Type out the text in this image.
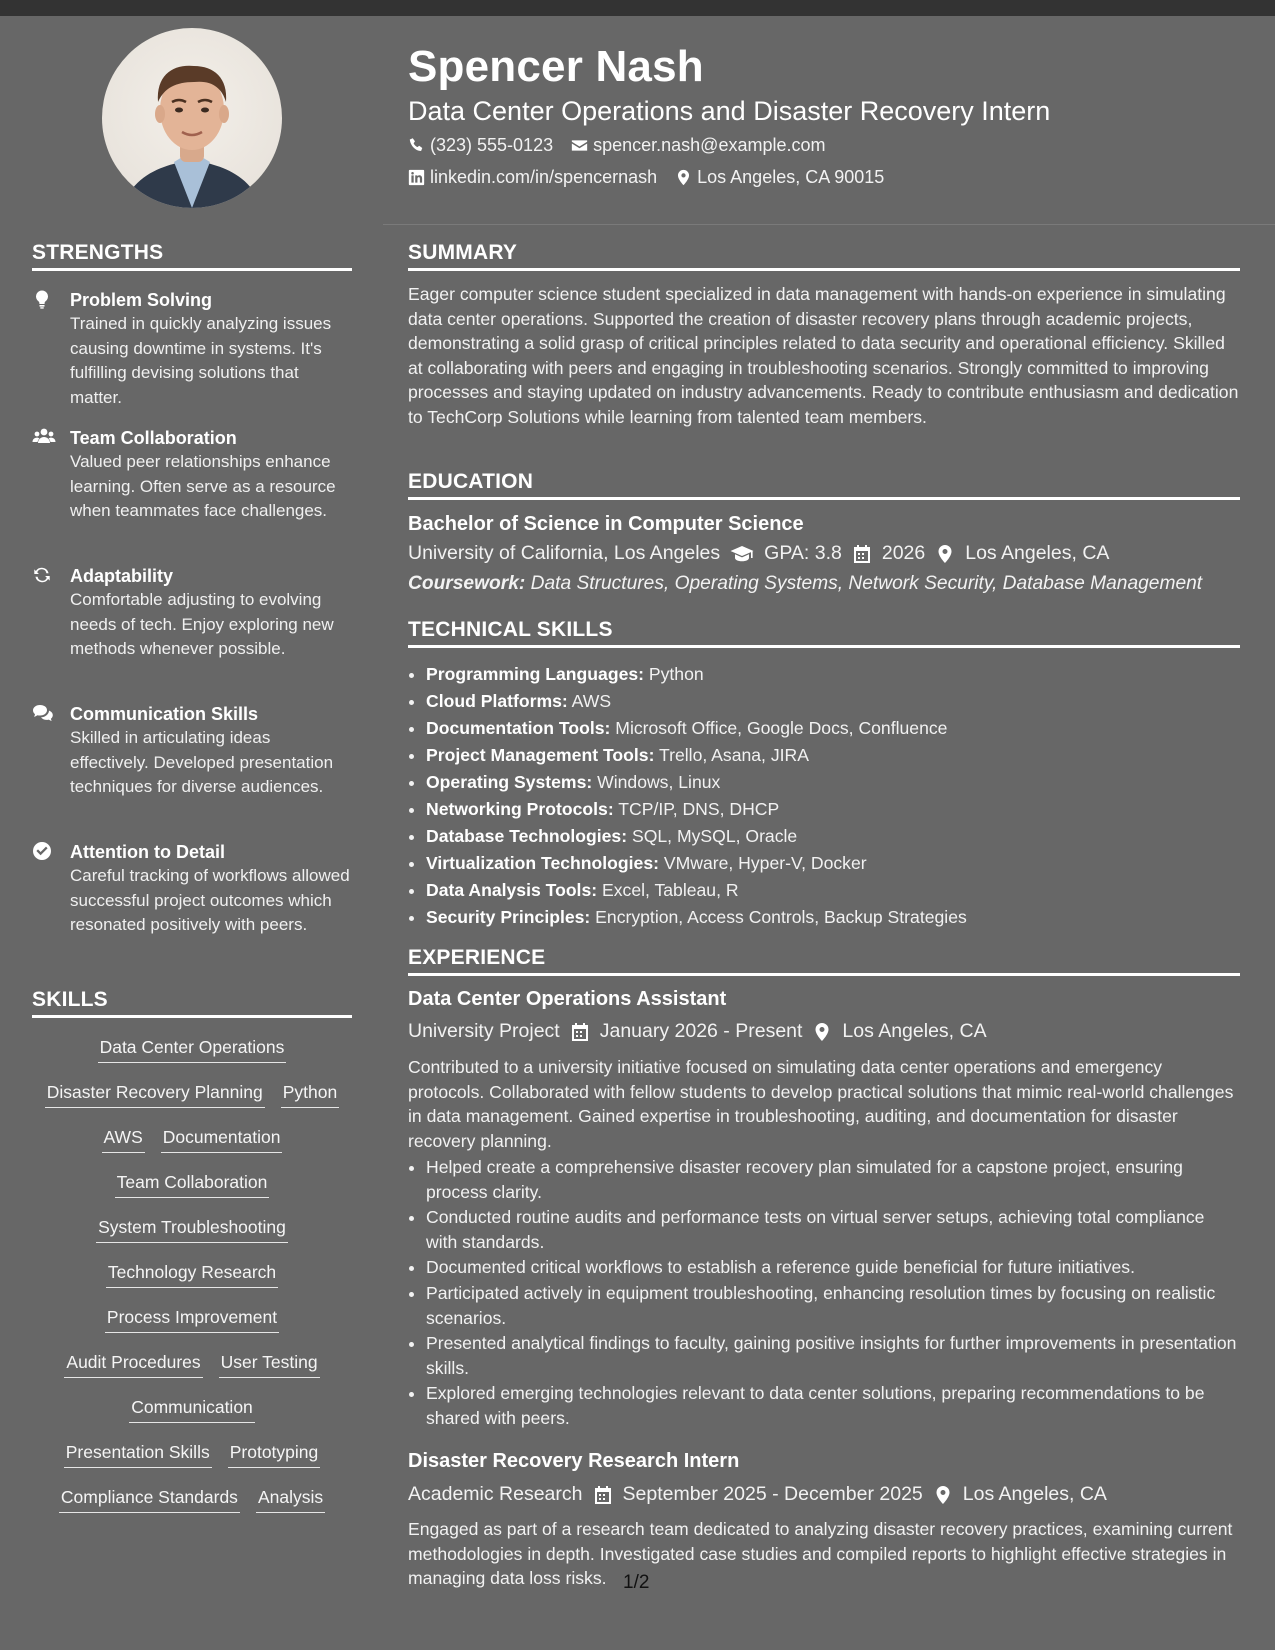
STRENGTHS
Problem Solving
Trained in quickly analyzing issues causing downtime in systems. It's fulfilling devising solutions that matter.
Team Collaboration
Valued peer relationships enhance learning. Often serve as a resource when teammates face challenges.
Adaptability
Comfortable adjusting to evolving needs of tech. Enjoy exploring new methods whenever possible.
Communication Skills
Skilled in articulating ideas effectively. Developed presentation techniques for diverse audiences.
Attention to Detail
Careful tracking of workflows allowed successful project outcomes which resonated positively with peers.
SKILLS
Data Center Operations
Disaster Recovery Planning Python
AWS Documentation
Team Collaboration
System Troubleshooting
Technology Research
Process Improvement
Audit Procedures User Testing
Communication
Presentation Skills Prototyping
Compliance Standards Analysis
Spencer Nash
Data Center Operations and Disaster Recovery Intern
(323) 555-0123 spencer.nash@example.com
linkedin.com/in/spencernash Los Angeles, CA 90015
SUMMARY
Eager computer science student specialized in data management with hands-on experience in simulating data center operations. Supported the creation of disaster recovery plans through academic projects, demonstrating a solid grasp of critical principles related to data security and operational efficiency. Skilled at collaborating with peers and engaging in troubleshooting scenarios. Strongly committed to improving processes and staying updated on industry advancements. Ready to contribute enthusiasm and dedication to TechCorp Solutions while learning from talented team members.
EDUCATION
Bachelor of Science in Computer Science
University of California, Los Angeles GPA: 3.8 2026 Los Angeles, CA
Coursework: Data Structures, Operating Systems, Network Security, Database Management
TECHNICAL SKILLS
• Programming Languages: Python
• Cloud Platforms: AWS
• Documentation Tools: Microsoft Office, Google Docs, Confluence
• Project Management Tools: Trello, Asana, JIRA
• Operating Systems: Windows, Linux
• Networking Protocols: TCP/IP, DNS, DHCP
• Database Technologies: SQL, MySQL, Oracle
• Virtualization Technologies: VMware, Hyper-V, Docker
• Data Analysis Tools: Excel, Tableau, R
• Security Principles: Encryption, Access Controls, Backup Strategies
EXPERIENCE
Data Center Operations Assistant
University Project January 2026 - Present Los Angeles, CA
Contributed to a university initiative focused on simulating data center operations and emergency protocols. Collaborated with fellow students to develop practical solutions that mimic real-world challenges in data management. Gained expertise in troubleshooting, auditing, and documentation for disaster recovery planning.
• Helped create a comprehensive disaster recovery plan simulated for a capstone project, ensuring process clarity.
• Conducted routine audits and performance tests on virtual server setups, achieving total compliance with standards.
• Documented critical workflows to establish a reference guide beneficial for future initiatives.
• Participated actively in equipment troubleshooting, enhancing resolution times by focusing on realistic scenarios.
• Presented analytical findings to faculty, gaining positive insights for further improvements in presentation skills.
• Explored emerging technologies relevant to data center solutions, preparing recommendations to be shared with peers.
Disaster Recovery Research Intern
Academic Research September 2025 - December 2025 Los Angeles, CA
Engaged as part of a research team dedicated to analyzing disaster recovery practices, examining current methodologies in depth. Investigated case studies and compiled reports to highlight effective strategies in managing data loss risks. 1/2
